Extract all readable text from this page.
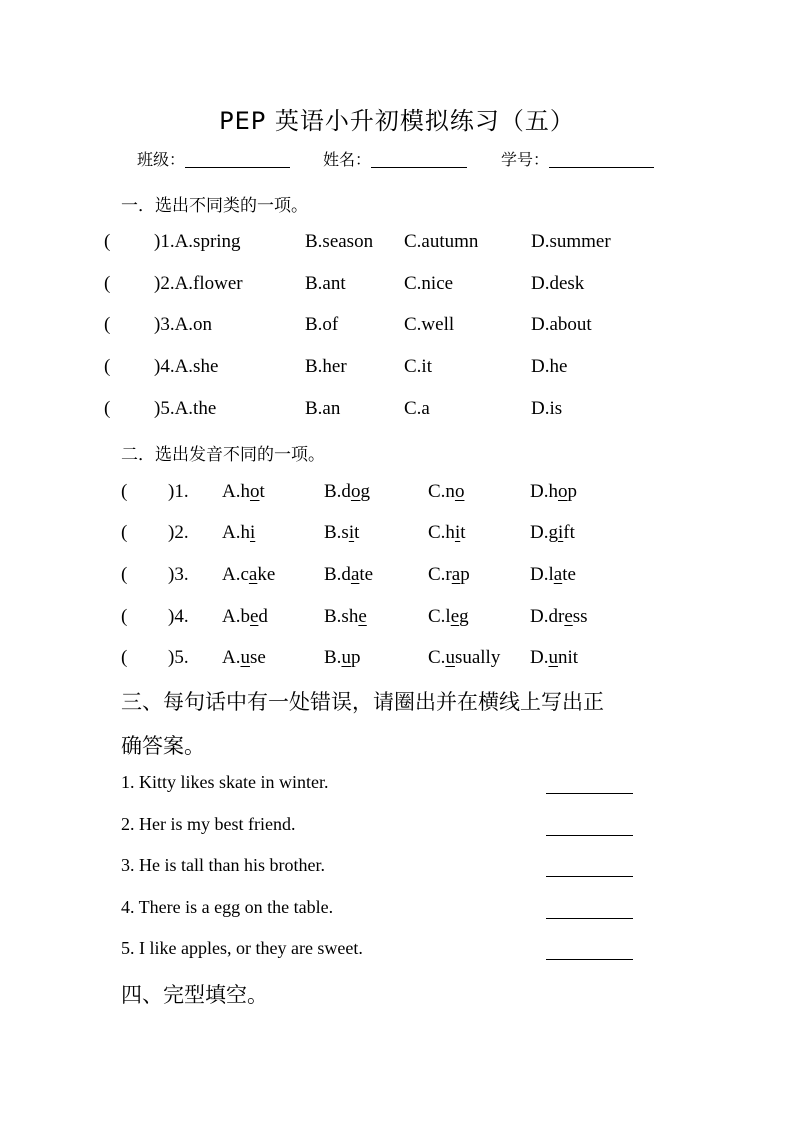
PEP 英语小升初模拟练习（五）
班级：	姓名：	学号：
一．选出不同类的一项。
( )1.A.spring	B.season C.autumn	D.summer
( )2.A.flower	B.ant	C.nice	D.desk
( )3.A.on	B.of	C.well	D.about
( )4.A.she	B.her	C.it	D.he
( )5.A.the	B.an	C.a	D.is
二．选出发音不同的一项。
( )1. A.hot	B.dog	C.no	D.hop
( )2. A.hi	B.sit	C.hit	D.gift
( )3. A.cake	B.date	C.rap	D.late
( )4. A.bed	B.she	C.leg	D.dress
( )5. A.use	B.up	C.usually D.unit
三、每句话中有一处错误，请圈出并在横线上写出正
确答案。
1. Kitty likes skate in winter.
2. Her is my best friend.
3. He is tall than his brother.
4. There is a egg on the table.
5. I like apples, or they are sweet.
四、完型填空。
